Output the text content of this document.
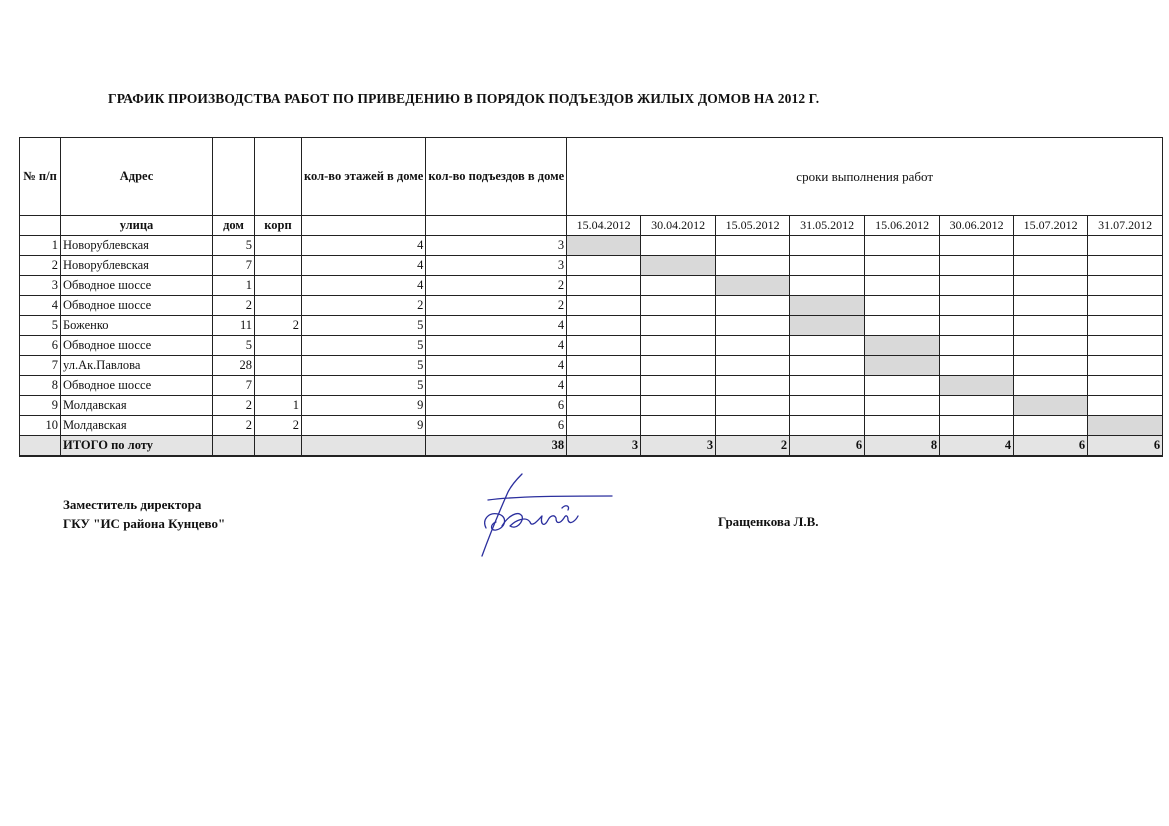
ГРАФИК ПРОИЗВОДСТВА РАБОТ ПО ПРИВЕДЕНИЮ В ПОРЯДОК ПОДЪЕЗДОВ ЖИЛЫХ ДОМОВ НА 2012 Г.
№ п/п	Адрес			кол-во этажей в доме	кол-во подъездов в доме	сроки выполнения работ							
	улица	дом	корп			15.04.2012	30.04.2012	15.05.2012	31.05.2012	15.06.2012	30.06.2012	15.07.2012	31.07.2012
1	Новорублевская	5		4	3								
2	Новорублевская	7		4	3								
3	Обводное шоссе	1		4	2								
4	Обводное шоссе	2		2	2								
5	Боженко	11	2	5	4								
6	Обводное шоссе	5		5	4								
7	ул.Ак.Павлова	28		5	4								
8	Обводное шоссе	7		5	4								
9	Молдавская	2	1	9	6								
10	Молдавская	2	2	9	6								
	ИТОГО по лоту				38	3	3	2	6	8	4	6	6
Заместитель директора
ГКУ "ИС района Кунцево"	Гращенкова Л.В.
